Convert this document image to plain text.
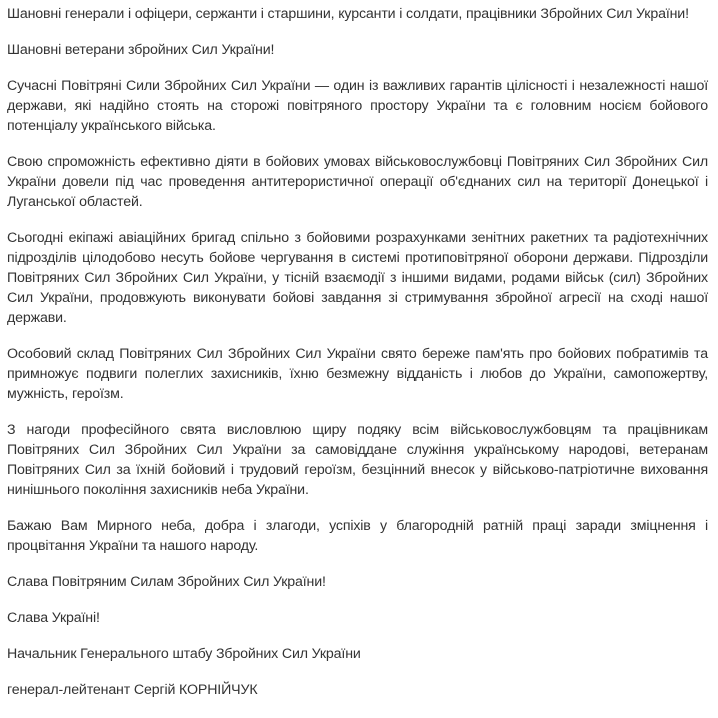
Шановні генерали і офіцери, сержанти і старшини, курсанти і солдати, працівники Збройних Сил України!

Шановні ветерани збройних Сил України!

Сучасні Повітряні Сили Збройних Сил України — один із важливих гарантів цілісності і незалежності нашої держави, які надійно стоять на сторожі повітряного простору України та є головним носієм бойового потенціалу українського війська.

Свою спроможність ефективно діяти в бойових умовах військовослужбовці Повітряних Сил Збройних Сил України довели під час проведення антитерористичної операції об'єднаних сил на території Донецької і Луганської областей.

Сьогодні екіпажі авіаційних бригад спільно з бойовими розрахунками зенітних ракетних та радіотехнічних підрозділів цілодобово несуть бойове чергування в системі протиповітряної оборони держави. Підрозділи Повітряних Сил Збройних Сил України, у тісній взаємодії з іншими видами, родами військ (сил) Збройних Сил України, продовжують виконувати бойові завдання зі стримування збройної агресії на сході нашої держави.

Особовий склад Повітряних Сил Збройних Сил України свято береже пам'ять про бойових побратимів та примножує подвиги полеглих захисників, їхню безмежну відданість і любов до України, самопожертву, мужність, героїзм.

З нагоди професійного свята висловлюю щиру подяку всім військовослужбовцям та працівникам Повітряних Сил Збройних Сил України за самовіддане служіння українському народові, ветеранам Повітряних Сил за їхній бойовий і трудовий героїзм, безцінний внесок у військово-патріотичне виховання нинішнього покоління захисників неба України.

Бажаю Вам Мирного неба, добра і злагоди, успіхів у благородній ратній праці заради зміцнення і процвітання України та нашого народу.

Слава Повітряним Силам Збройних Сил України!

Слава Україні!

Начальник Генерального штабу Збройних Сил України

генерал-лейтенант Сергій КОРНІЙЧУК
